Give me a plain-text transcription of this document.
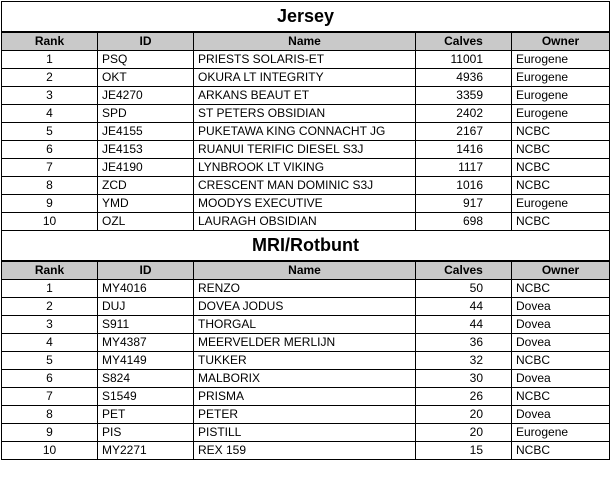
Jersey				
Rank	ID	Name	Calves	Owner
1	PSQ	PRIESTS SOLARIS-ET	11001	Eurogene
2	OKT	OKURA LT INTEGRITY	4936	Eurogene
3	JE4270	ARKANS BEAUT ET	3359	Eurogene
4	SPD	ST PETERS OBSIDIAN	2402	Eurogene
5	JE4155	PUKETAWA KING CONNACHT JG	2167	NCBC
6	JE4153	RUANUI TERIFIC DIESEL S3J	1416	NCBC
7	JE4190	LYNBROOK LT VIKING	1117	NCBC
8	ZCD	CRESCENT MAN DOMINIC S3J	1016	NCBC
9	YMD	MOODYS EXECUTIVE	917	Eurogene
10	OZL	LAURAGH OBSIDIAN	698	NCBC
MRI/Rotbunt				
Rank	ID	Name	Calves	Owner
1	MY4016	RENZO	50	NCBC
2	DUJ	DOVEA JODUS	44	Dovea
3	S911	THORGAL	44	Dovea
4	MY4387	MEERVELDER MERLIJN	36	Dovea
5	MY4149	TUKKER	32	NCBC
6	S824	MALBORIX	30	Dovea
7	S1549	PRISMA	26	NCBC
8	PET	PETER	20	Dovea
9	PIS	PISTILL	20	Eurogene
10	MY2271	REX 159	15	NCBC
